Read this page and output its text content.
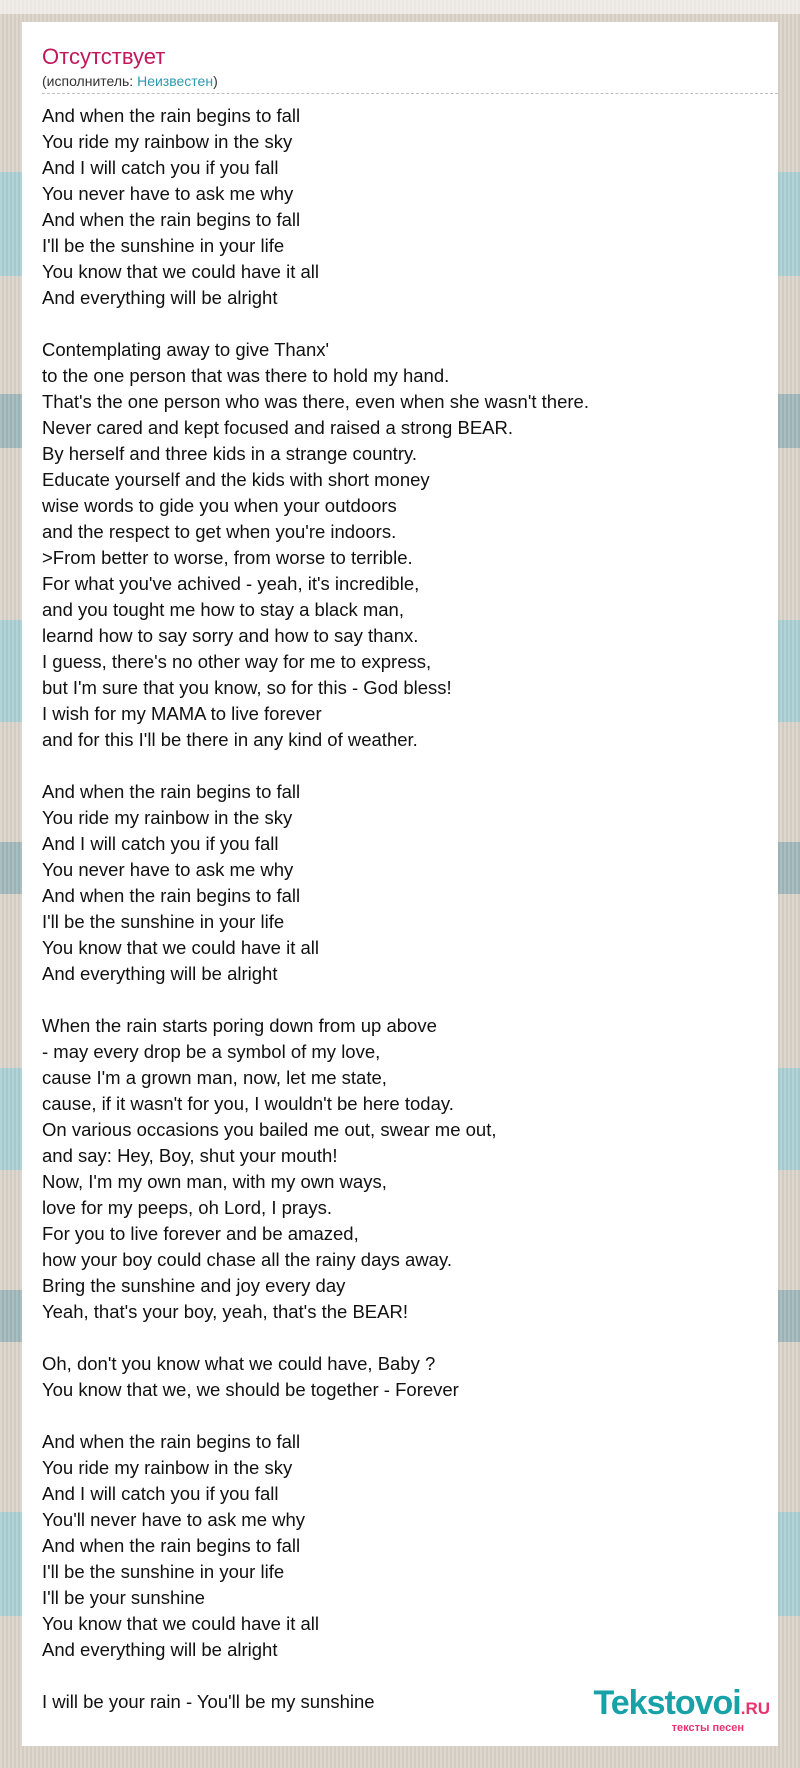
Отсутствует
(исполнитель: Неизвестен)
And when the rain begins to fall
You ride my rainbow in the sky
And I will catch you if you fall
You never have to ask me why
And when the rain begins to fall
I'll be the sunshine in your life
You know that we could have it all
And everything will be alright
Contemplating away to give Thanx'
to the one person that was there to hold my hand.
That's the one person who was there, even when she wasn't there.
Never cared and kept focused and raised a strong BEAR.
By herself and three kids in a strange country.
Educate yourself and the kids with short money
wise words to gide you when your outdoors
and the respect to get when you're indoors.
>From better to worse, from worse to terrible.
For what you've achived - yeah, it's incredible,
and you tought me how to stay a black man,
learnd how to say sorry and how to say thanx.
I guess, there's no other way for me to express,
but I'm sure that you know, so for this - God bless!
I wish for my MAMA to live forever
and for this I'll be there in any kind of weather.
And when the rain begins to fall
You ride my rainbow in the sky
And I will catch you if you fall
You never have to ask me why
And when the rain begins to fall
I'll be the sunshine in your life
You know that we could have it all
And everything will be alright
When the rain starts poring down from up above
- may every drop be a symbol of my love,
cause I'm a grown man, now, let me state,
cause, if it wasn't for you, I wouldn't be here today.
On various occasions you bailed me out, swear me out,
and say: Hey, Boy, shut your mouth!
Now, I'm my own man, with my own ways,
love for my peeps, oh Lord, I prays.
For you to live forever and be amazed,
how your boy could chase all the rainy days away.
Bring the sunshine and joy every day
Yeah, that's your boy, yeah, that's the BEAR!
Oh, don't you know what we could have, Baby ?
You know that we, we should be together - Forever
And when the rain begins to fall
You ride my rainbow in the sky
And I will catch you if you fall
You'll never have to ask me why
And when the rain begins to fall
I'll be the sunshine in your life
I'll be your sunshine
You know that we could have it all
And everything will be alright
I will be your rain - You'll be my sunshine	Tekstovoi.RU
тексты песен
